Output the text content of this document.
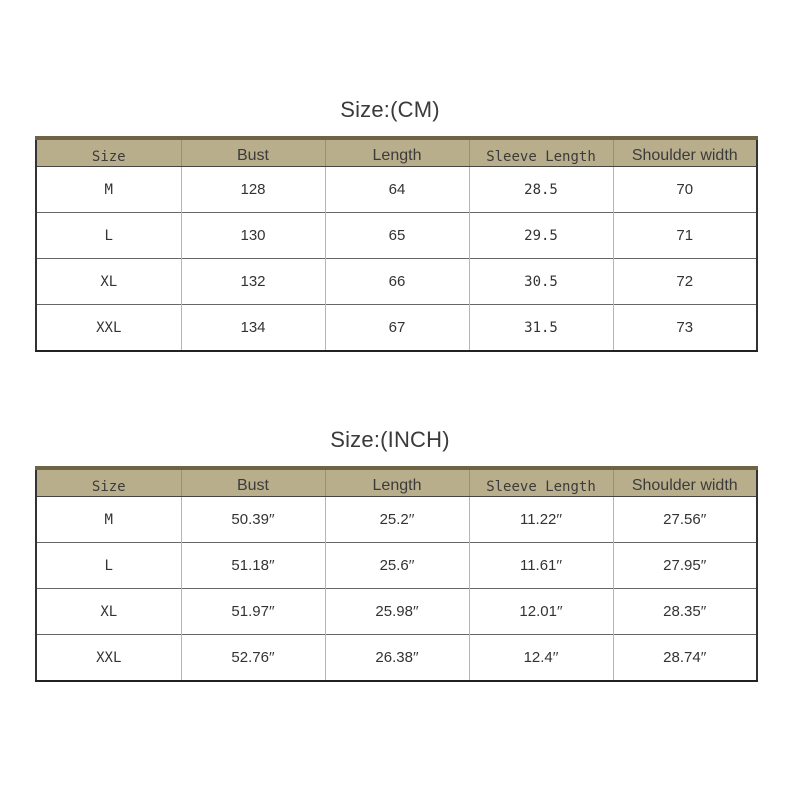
Size:(CM)
Size	Bust	Length	Sleeve Length	Shoulder width
M	128	64	28.5	70
L	130	65	29.5	71
XL	132	66	30.5	72
XXL	134	67	31.5	73
Size:(INCH)
Size	Bust	Length	Sleeve Length	Shoulder width
M	50.39′′	25.2′′	11.22′′	27.56′′
L	51.18′′	25.6′′	11.61′′	27.95′′
XL	51.97′′	25.98′′	12.01′′	28.35′′
XXL	52.76′′	26.38′′	12.4′′	28.74′′
